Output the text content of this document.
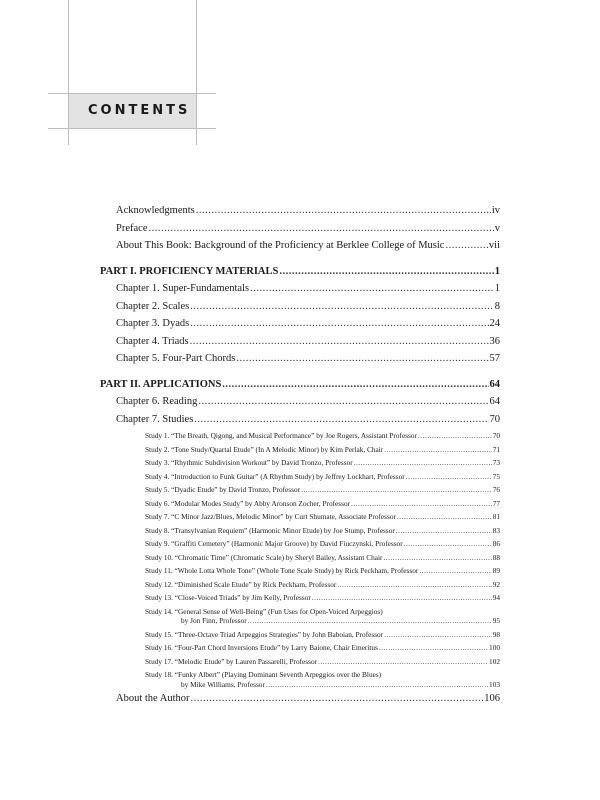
CONTENTS
Acknowledgments .....	iv
Preface .....	v
About This Book: Background of the Proficiency at Berklee College of Music .....	vii
PART I. PROFICIENCY MATERIALS .....	1
Chapter 1. Super-Fundamentals .....	1
Chapter 2. Scales .....	8
Chapter 3. Dyads .....	24
Chapter 4. Triads .....	36
Chapter 5. Four-Part Chords .....	57
PART II. APPLICATIONS .....	64
Chapter 6. Reading .....	64
Chapter 7. Studies .....	70
Study 1. “The Breath, Qigong, and Musical Performance” by Joe Rogers, Assistant Professor .....	70
Study 2. “Tone Study/Quartal Etude” (In A Melodic Minor) by Kim Perlak, Chair .....	71
Study 3. “Rhythmic Subdivision Workout” by David Tronzo, Professor .....	73
Study 4. “Introduction to Funk Guitar” (A Rhythm Study) by Jeffrey Lockhart, Professor .....	75
Study 5. “Dyadic Etude” by David Tronzo, Professor .....	76
Study 6. “Modular Modes Study” by Abby Aronson Zocher, Professor .....	77
Study 7. “C Minor Jazz/Blues, Melodic Minor” by Curt Shumate, Associate Professor .....	81
Study 8. “Transylvanian Requiem” (Harmonic Minor Etude) by Joe Stump, Professor .....	83
Study 9. “Graffiti Cemetery” (Harmonic Major Groove) by David Fiuczynski, Professor .....	86
Study 10. “Chromatic Time” (Chromatic Scale) by Sheryl Bailey, Assistant Chair .....	88
Study 11. “Whole Lotta Whole Tone” (Whole Tone Scale Study) by Rick Peckham, Professor .....	89
Study 12. “Diminished Scale Etude” by Rick Peckham, Professor .....	92
Study 13. “Close-Voiced Triads” by Jim Kelly, Professor .....	94
Study 14. “General Sense of Well-Being” (Fun Uses for Open-Voiced Arpeggios)
by Jon Finn, Professor .....	95
Study 15. “Three-Octave Triad Arpeggios Strategies” by John Baboian, Professor .....	98
Study 16. “Four-Part Chord Inversions Etude” by Larry Baione, Chair Emeritus .....	100
Study 17. “Melodic Etude” by Lauren Passarelli, Professor .....	102
Study 18. “Funky Albert” (Playing Dominant Seventh Arpeggios over the Blues)
by Mike Williams, Professor .....	103
About the Author .....	106
